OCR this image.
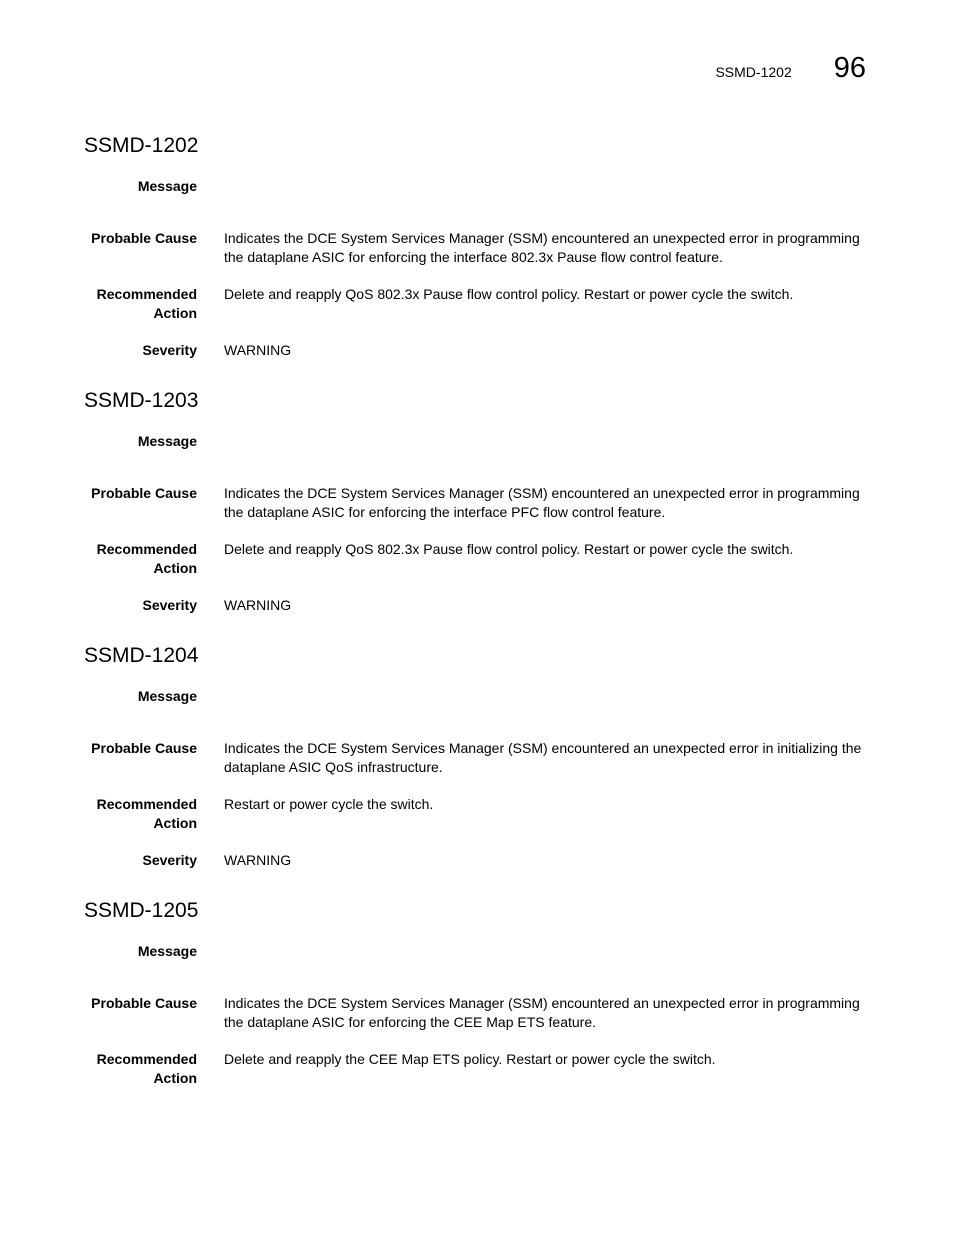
SSMD-1202 96
SSMD-1202
Message
Probable Cause Indicates the DCE System Services Manager (SSM) encountered an unexpected error in programming the dataplane ASIC for enforcing the interface 802.3x Pause flow control feature.
Recommended Action
Delete and reapply QoS 802.3x Pause flow control policy. Restart or power cycle the switch.
Severity WARNING
SSMD-1203
Message
Probable Cause Indicates the DCE System Services Manager (SSM) encountered an unexpected error in programming the dataplane ASIC for enforcing the interface PFC flow control feature.
Recommended Action
Delete and reapply QoS 802.3x Pause flow control policy. Restart or power cycle the switch.
Severity WARNING
SSMD-1204
Message
Probable Cause Indicates the DCE System Services Manager (SSM) encountered an unexpected error in initializing the dataplane ASIC QoS infrastructure.
Recommended Action
Restart or power cycle the switch.
Severity WARNING
SSMD-1205
Message
Probable Cause Indicates the DCE System Services Manager (SSM) encountered an unexpected error in programming the dataplane ASIC for enforcing the CEE Map ETS feature.
Recommended Action
Delete and reapply the CEE Map ETS policy. Restart or power cycle the switch.
